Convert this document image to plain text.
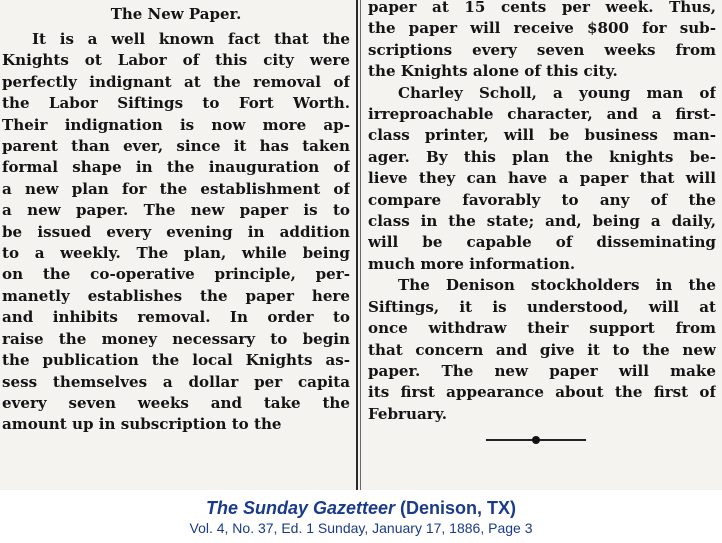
The New Paper.
It is a well known fact that the
Knights ot Labor of this city were
perfectly indignant at the removal of
the Labor Siftings to Fort Worth.
Their indignation is now more ap-
parent than ever, since it has taken
formal shape in the inauguration of
a new plan for the establishment of
a new paper. The new paper is to
be issued every evening in addition
to a weekly. The plan, while being
on the co-operative principle, per-
manetly establishes the paper here
and inhibits removal. In order to
raise the money necessary to begin
the publication the local Knights as-
sess themselves a dollar per capita
every seven weeks and take the
amount up in subscription to the
paper at 15 cents per week. Thus,
the paper will receive $800 for sub-
scriptions every seven weeks from
the Knights alone of this city.
Charley Scholl, a young man of
irreproachable character, and a first-
class printer, will be business man-
ager. By this plan the knights be-
lieve they can have a paper that will
compare favorably to any of the
class in the state; and, being a daily,
will be capable of disseminating
much more information.
The Denison stockholders in the
Siftings, it is understood, will at
once withdraw their support from
that concern and give it to the new
paper. The new paper will make
its first appearance about the first of
February.
The Sunday Gazetteer (Denison, TX)
Vol. 4, No. 37, Ed. 1 Sunday, January 17, 1886, Page 3
